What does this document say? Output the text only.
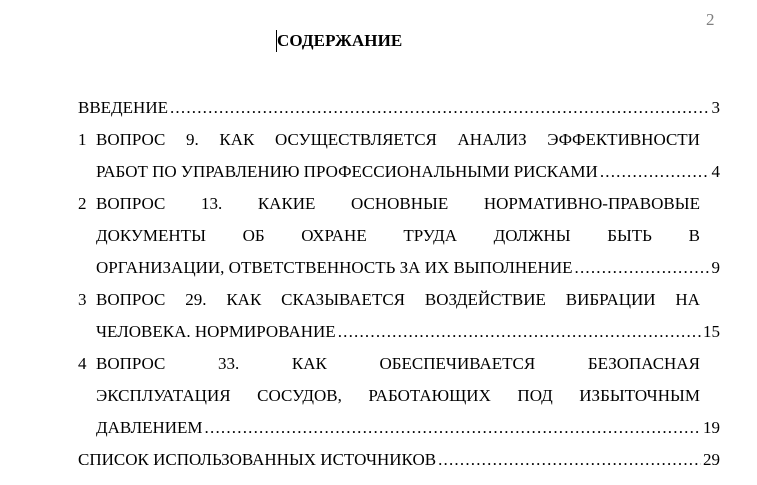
2
СОДЕРЖАНИЕ
ВВЕДЕНИЕ .....	3
1 ВОПРОС 9. КАК ОСУЩЕСТВЛЯЕТСЯ АНАЛИЗ ЭФФЕКТИВНОСТИ
РАБОТ ПО УПРАВЛЕНИЮ ПРОФЕССИОНАЛЬНЫМИ РИСКАМИ .....	4
2 ВОПРОС 13. КАКИЕ ОСНОВНЫЕ НОРМАТИВНО-ПРАВОВЫЕ
ДОКУМЕНТЫ ОБ ОХРАНЕ ТРУДА ДОЛЖНЫ БЫТЬ В
ОРГАНИЗАЦИИ, ОТВЕТСТВЕННОСТЬ ЗА ИХ ВЫПОЛНЕНИЕ .....	9
3 ВОПРОС 29. КАК СКАЗЫВАЕТСЯ ВОЗДЕЙСТВИЕ ВИБРАЦИИ НА
ЧЕЛОВЕКА. НОРМИРОВАНИЕ .....	15
4 ВОПРОС	33.	КАК	ОБЕСПЕЧИВАЕТСЯ	БЕЗОПАСНАЯ
ЭКСПЛУАТАЦИЯ СОСУДОВ, РАБОТАЮЩИХ ПОД ИЗБЫТОЧНЫМ
ДАВЛЕНИЕМ .....	19
СПИСОК ИСПОЛЬЗОВАННЫХ ИСТОЧНИКОВ .....	29
